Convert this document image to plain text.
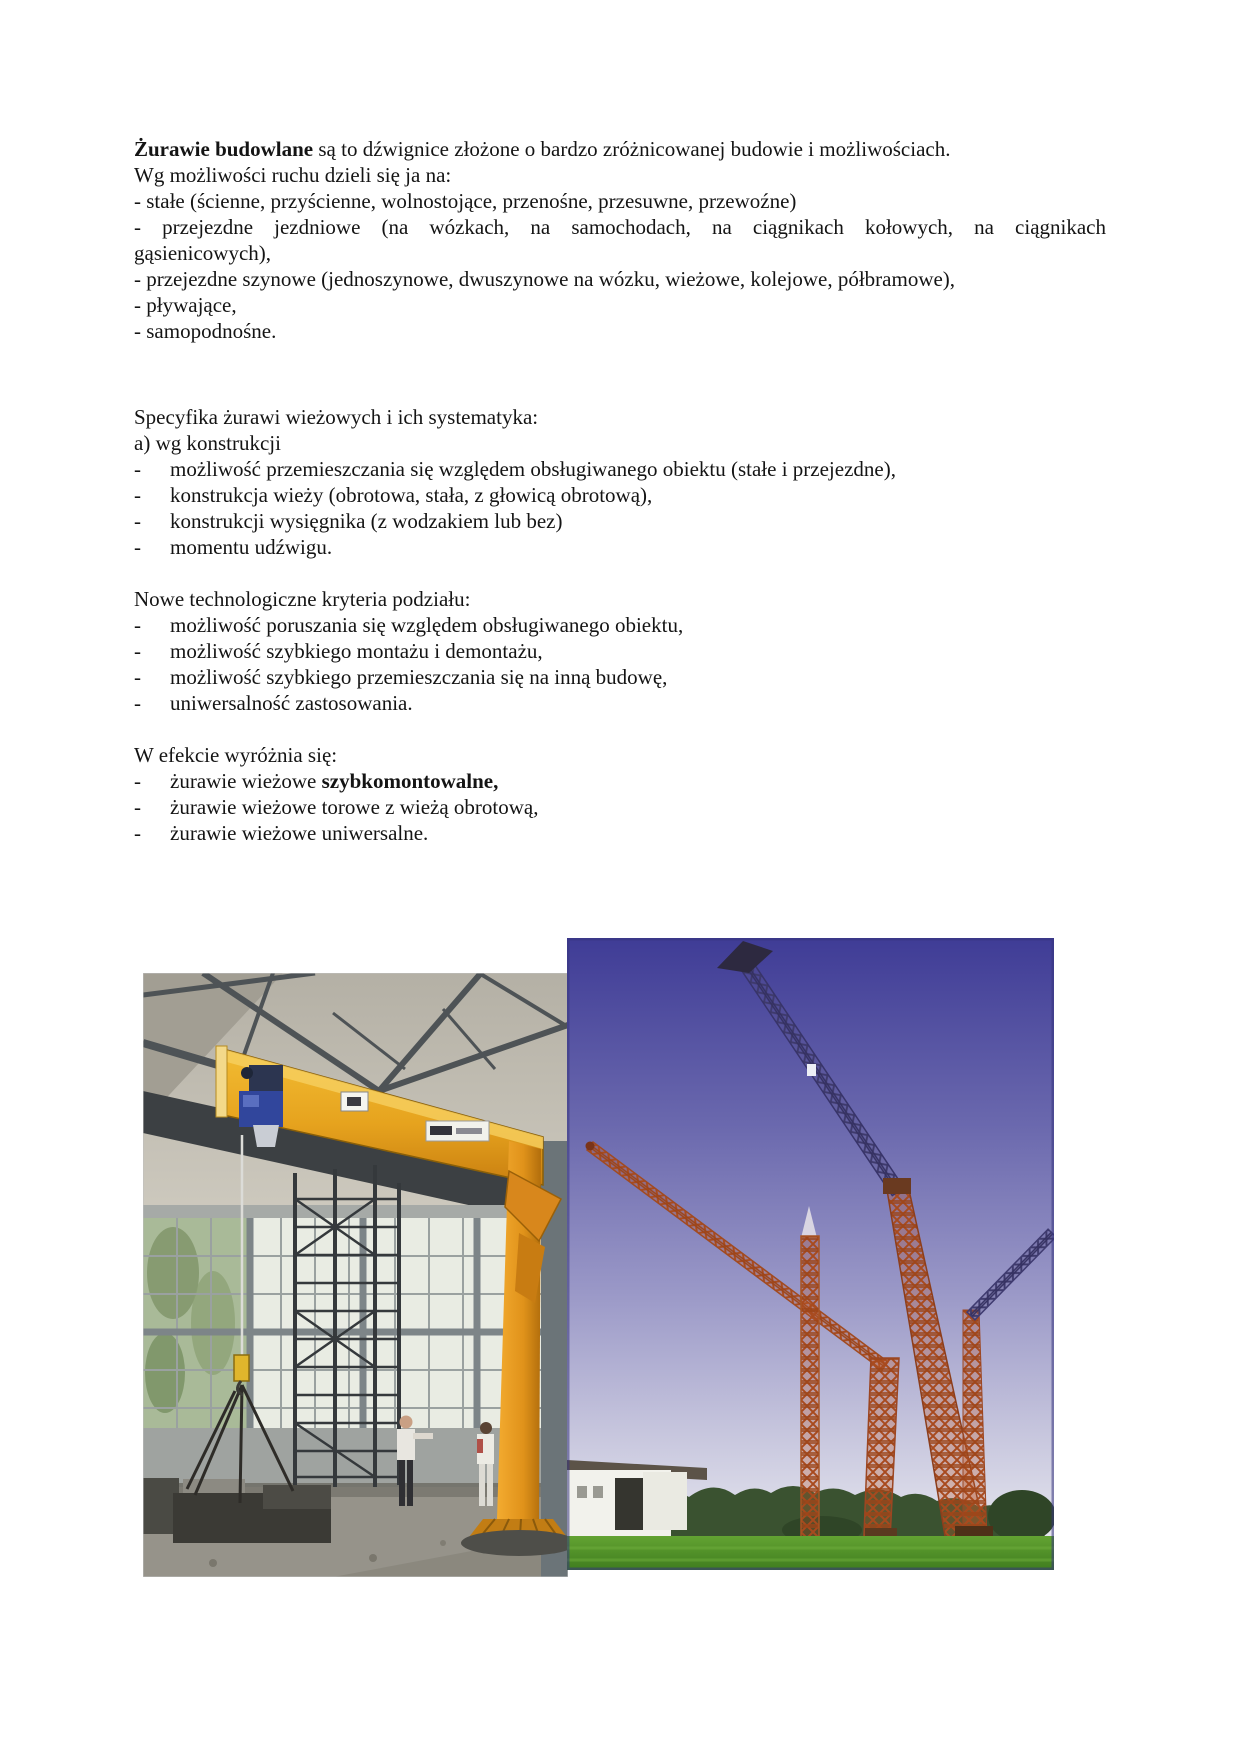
Żurawie budowlane są to dźwignice złożone o bardzo zróżnicowanej budowie i możliwościach.
Wg możliwości ruchu dzieli się ja na:
- stałe (ścienne, przyścienne, wolnostojące, przenośne, przesuwne, przewoźne)
- przejezdne jezdniowe (na wózkach, na samochodach, na ciągnikach kołowych, na ciągnikach
gąsienicowych),
- przejezdne szynowe (jednoszynowe, dwuszynowe na wózku, wieżowe, kolejowe, półbramowe),
- pływające,
- samopodnośne.
Specyfika żurawi wieżowych i ich systematyka:
a) wg konstrukcji
-	możliwość przemieszczania się względem obsługiwanego obiektu (stałe i przejezdne),
-	konstrukcja wieży (obrotowa, stała, z głowicą obrotową),
-	konstrukcji wysięgnika (z wodzakiem lub bez)
-	momentu udźwigu.
Nowe technologiczne kryteria podziału:
-	możliwość poruszania się względem obsługiwanego obiektu,
-	możliwość szybkiego montażu i demontażu,
-	możliwość szybkiego przemieszczania się na inną budowę,
-	uniwersalność zastosowania.
W efekcie wyróżnia się:
-	żurawie wieżowe szybkomontowalne,
-	żurawie wieżowe torowe z wieżą obrotową,
-	żurawie wieżowe uniwersalne.
